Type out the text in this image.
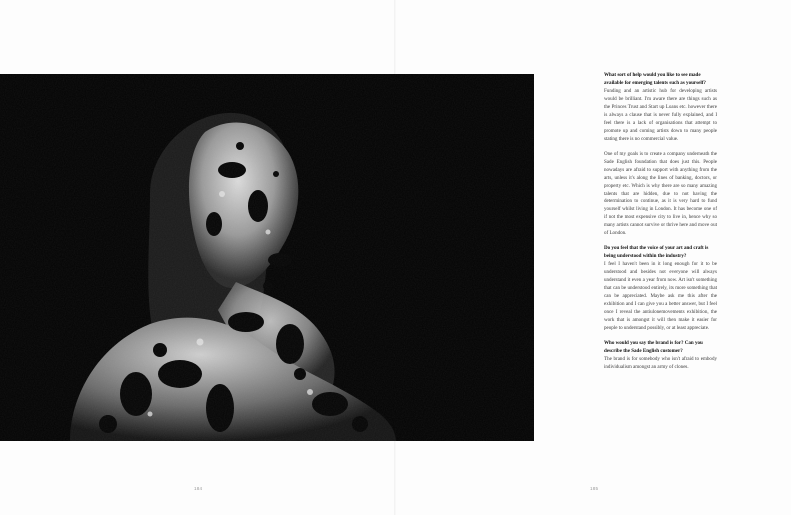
What sort of help would you like to see made available for emerging talents such as yourself?
Funding and an artistic hub for developing artists would be brilliant. I'm aware there are things such as the Princes Trust and Start up Loans etc. however there is always a clause that is never fully explained, and I feel there is a lack of organisations that attempt to promote up and coming artists down to many people stating there is no commercial value.
One of my goals is to create a company underneath the Sade English foundation that does just this. People nowadays are afraid to support with anything from the arts, unless it's along the lines of banking, doctors, or property etc. Which is why there are so many amazing talents that are hidden, due to not having the determination to continue, as it is very hard to fund yourself whilst living in London. It has become one of if not the most expensive city to live in, hence why so many artists cannot survive or thrive here and move out of London.
Do you feel that the voice of your art and craft is being understood within the industry?
I feel I haven't been in it long enough for it to be understood and besides not everyone will always understand it even a year from now. Art isn't something that can be understood entirely, its more something that can be appreciated. Maybe ask me this after the exhibition and I can give you a better answer, but I feel once I reveal the antiulonemovements exhibition, the work that is amongst it will then make it easier for people to understand possibly, or at least appreciate.
Who would you say the brand is for? Can you describe the Sade English customer?
The brand is for somebody who isn't afraid to embody individualism amongst an army of clones.
184	185
